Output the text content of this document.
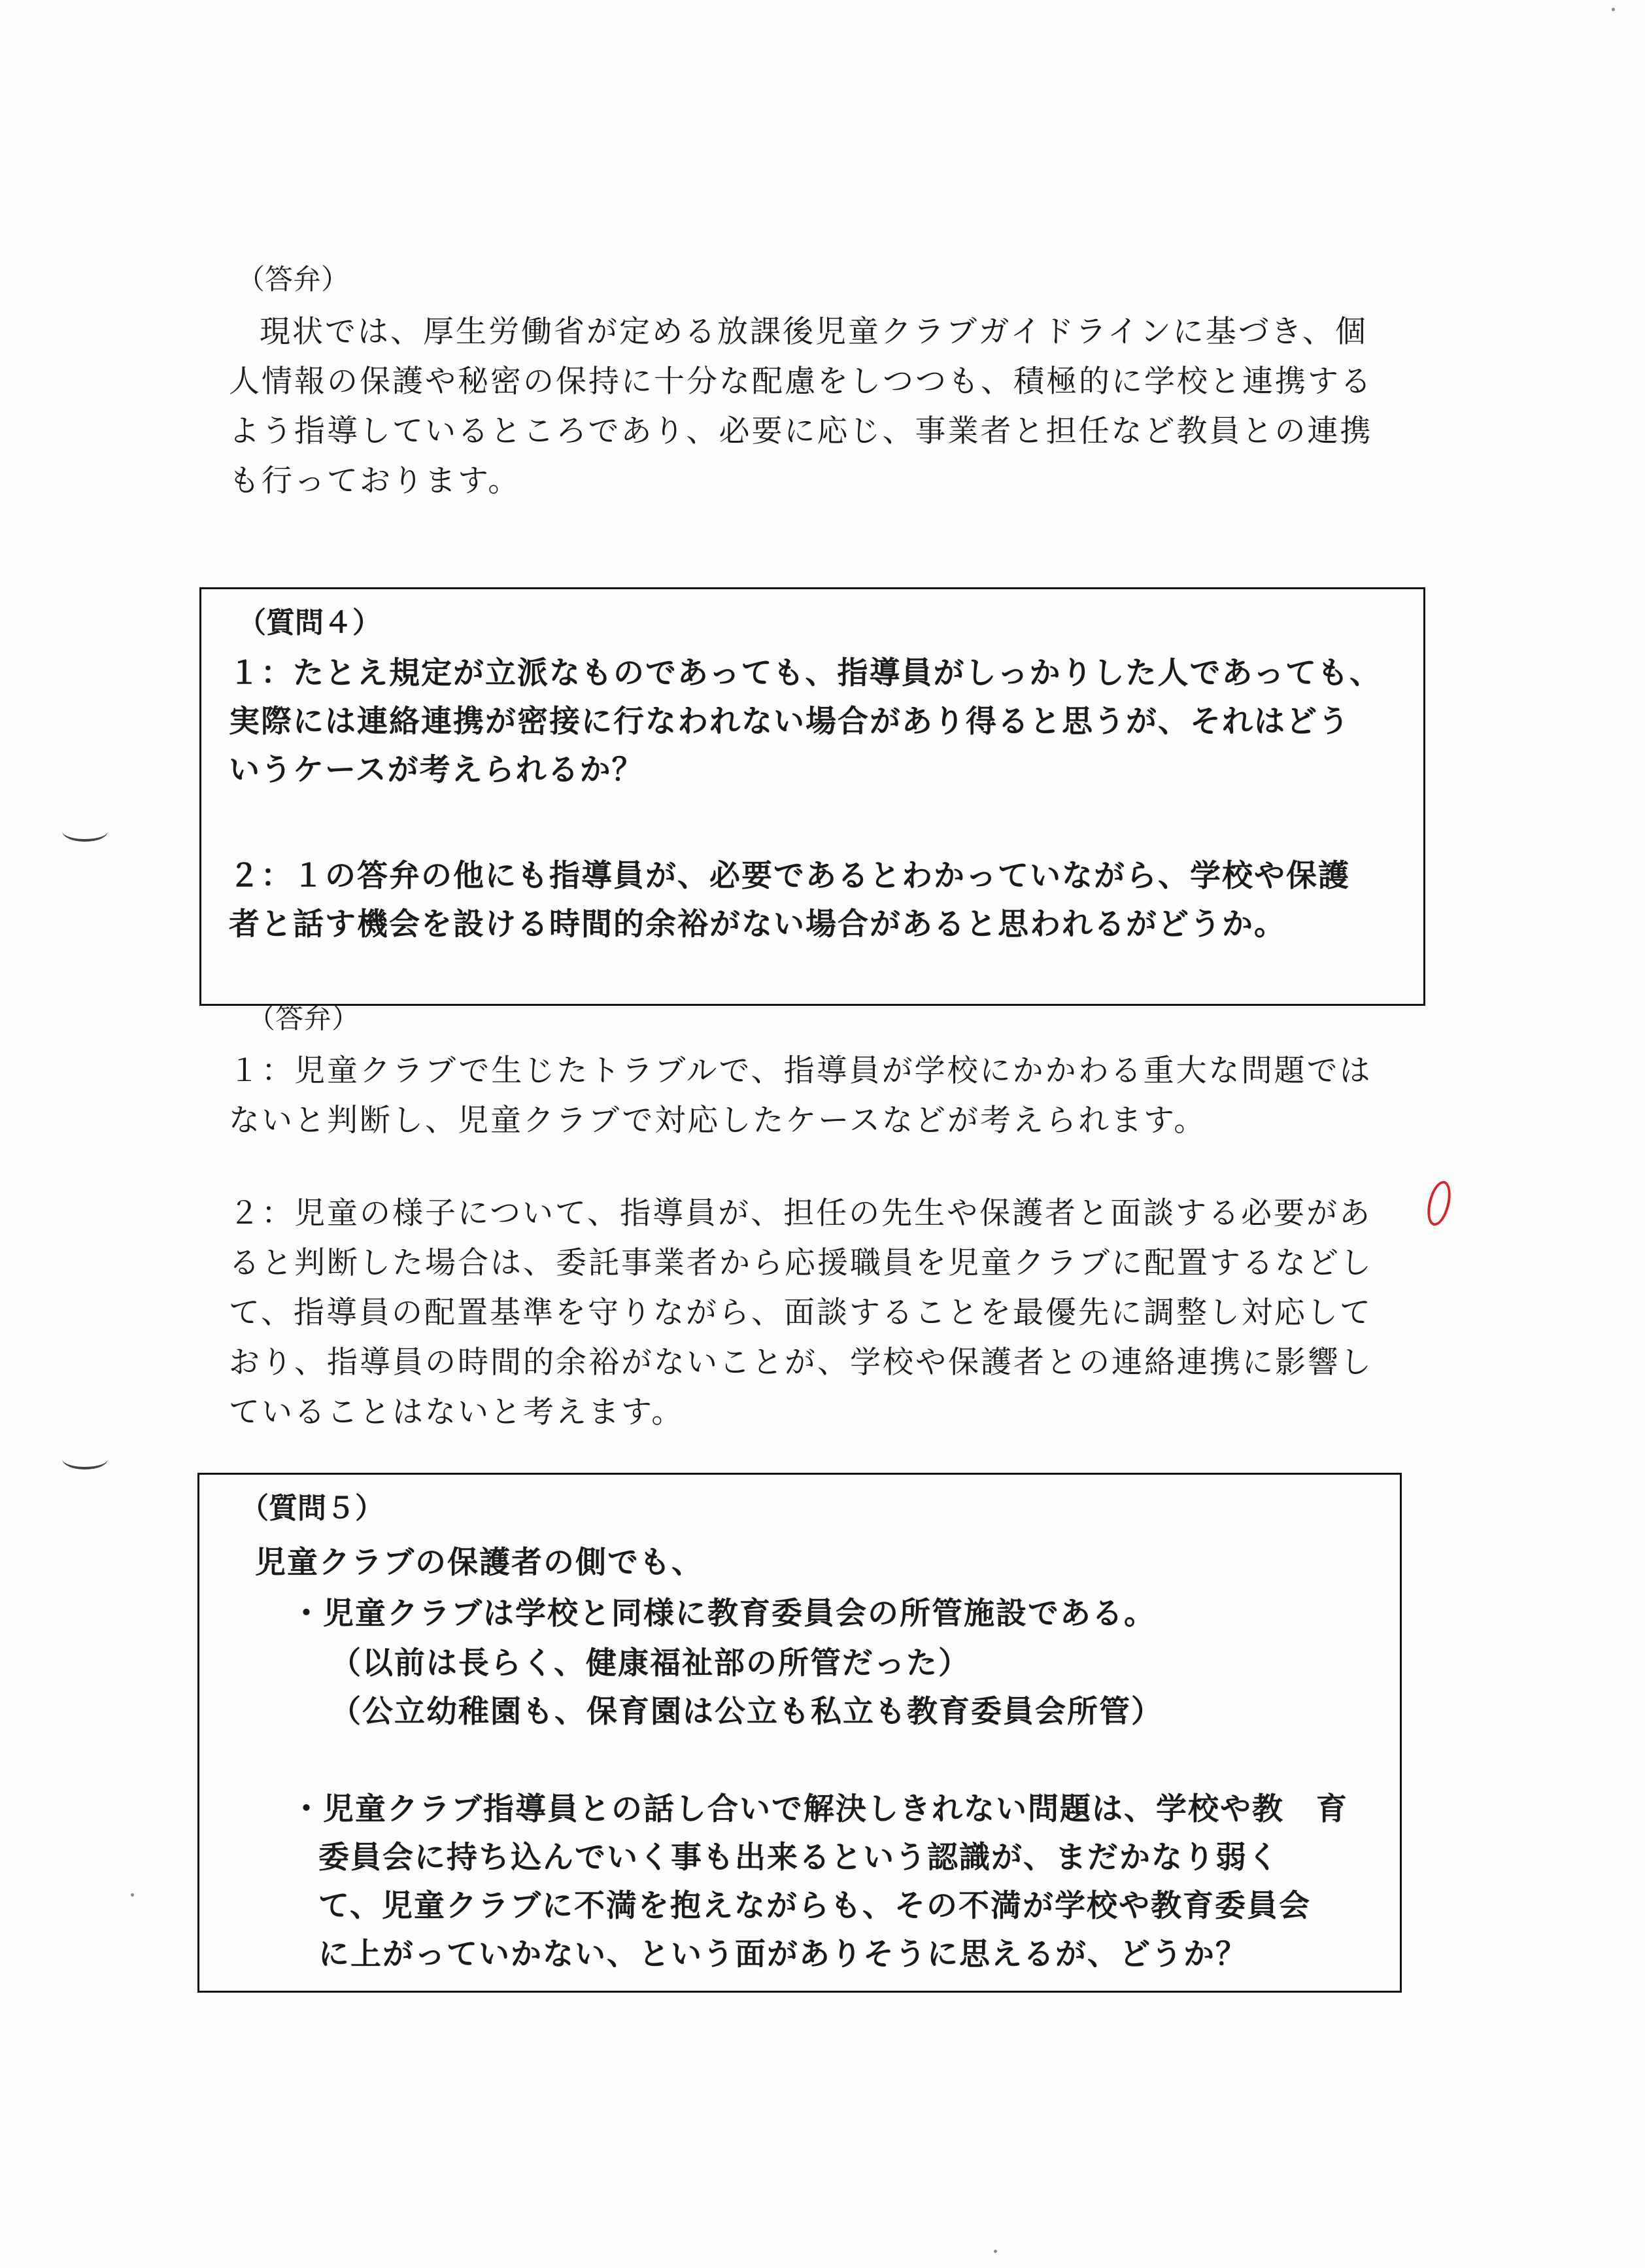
（答弁）
現状では、厚生労働省が定める放課後児童クラブガイドラインに基づき、個
人情報の保護や秘密の保持に十分な配慮をしつつも、積極的に学校と連携する
よう指導しているところであり、必要に応じ、事業者と担任など教員との連携
も行っております。
（質問４）
１：たとえ規定が立派なものであっても、指導員がしっかりした人であっても、
実際には連絡連携が密接に行なわれない場合があり得ると思うが、それはどう
いうケースが考えられるか？
２：１の答弁の他にも指導員が、必要であるとわかっていながら、学校や保護
者と話す機会を設ける時間的余裕がない場合があると思われるがどうか。
（答弁）
１：児童クラブで生じたトラブルで、指導員が学校にかかわる重大な問題では
ないと判断し、児童クラブで対応したケースなどが考えられます。
２：児童の様子について、指導員が、担任の先生や保護者と面談する必要があ
ると判断した場合は、委託事業者から応援職員を児童クラブに配置するなどし
て、指導員の配置基準を守りながら、面談することを最優先に調整し対応して
おり、指導員の時間的余裕がないことが、学校や保護者との連絡連携に影響し
ていることはないと考えます。
（質問５）
児童クラブの保護者の側でも、
・児童クラブは学校と同様に教育委員会の所管施設である。
（以前は長らく、健康福祉部の所管だった）
（公立幼稚園も、保育園は公立も私立も教育委員会所管）
・児童クラブ指導員との話し合いで解決しきれない問題は、学校や教　育
委員会に持ち込んでいく事も出来るという認識が、まだかなり弱く
て、児童クラブに不満を抱えながらも、その不満が学校や教育委員会
に上がっていかない、という面がありそうに思えるが、どうか？
